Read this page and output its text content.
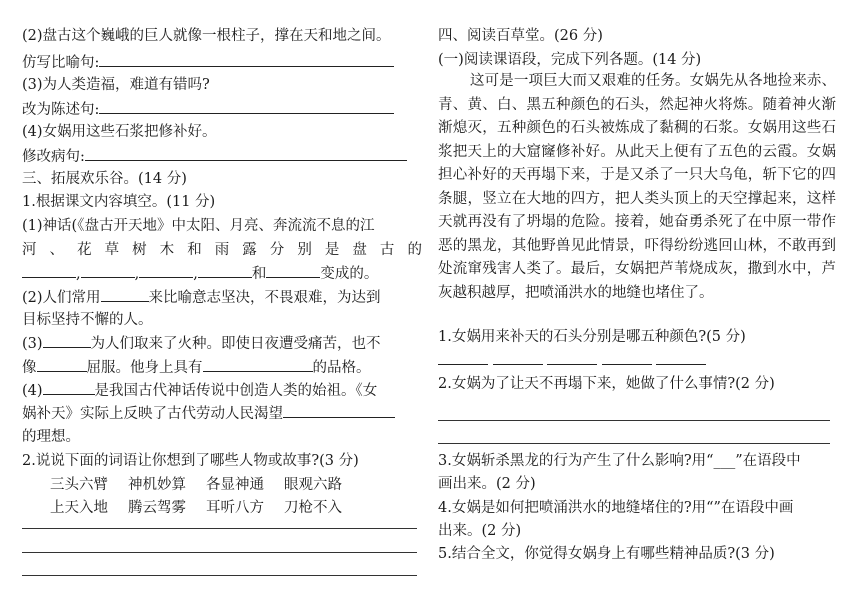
(2)盘古这个巍峨的巨人就像一根柱子，撑在天和地之间。
仿写比喻句:
(3)为人类造福，难道有错吗?
改为陈述句:
(4)女娲用这些石浆把修补好。
修改病句:
三、拓展欢乐谷。(14 分)
1.根据课文内容填空。(11 分)
(1)神话(《盘古开天地》中太阳、月亮、奔流流不息的江
河 、 花 草 树 木 和 雨 露 分 别 是 盘 古 的
,	,	,	和	变成的。
(2)人们常用	来比喻意志坚决，不畏艰难，为达到
目标坚持不懈的人。
(3)	为人们取来了火种。即使日夜遭受痛苦，也不
像	屈服。他身上具有	的品格。
(4)	是我国古代神话传说中创造人类的始祖。《女
娲补天》实际上反映了古代劳动人民渴望
的理想。
2.说说下面的词语让你想到了哪些人物或故事?(3 分)
三头六臂 神机妙算 各显神通 眼观六路
上天入地 腾云驾雾 耳听八方 刀枪不入
四、阅读百草堂。(26 分)
(一)阅读课语段，完成下列各题。(14 分)
这可是一项巨大而又艰难的任务。女娲先从各地捡来赤、青、黄、白、黑五种颜色的石头，然起神火将炼。随着神火渐渐熄灭，五种颜色的石头被炼成了黏稠的石浆。女娲用这些石浆把天上的大窟窿修补好。从此天上便有了五色的云霞。女娲担心补好的天再塌下来，于是又杀了一只大乌龟，斩下它的四条腿，竖立在大地的四方，把人类头顶上的天空撑起来，这样天就再没有了坍塌的危险。接着，她奋勇杀死了在中原一带作恶的黑龙，其他野兽见此情景，吓得纷纷逃回山林，不敢再到处流窜残害人类了。最后，女娲把芦苇烧成灰，撒到水中，芦灰越积越厚，把喷涌洪水的地缝也堵住了。
1.女娲用来补天的石头分别是哪五种颜色?(5 分)

2.女娲为了让天不再塌下来，她做了什么事情?(2 分)
3.女娲斩杀黑龙的行为产生了什么影响?用“___”在语段中
画出来。(2 分)
4.女娲是如何把喷涌洪水的地缝堵住的?用“”在语段中画
出来。(2 分)
5.结合全文，你觉得女娲身上有哪些精神品质?(3 分)
